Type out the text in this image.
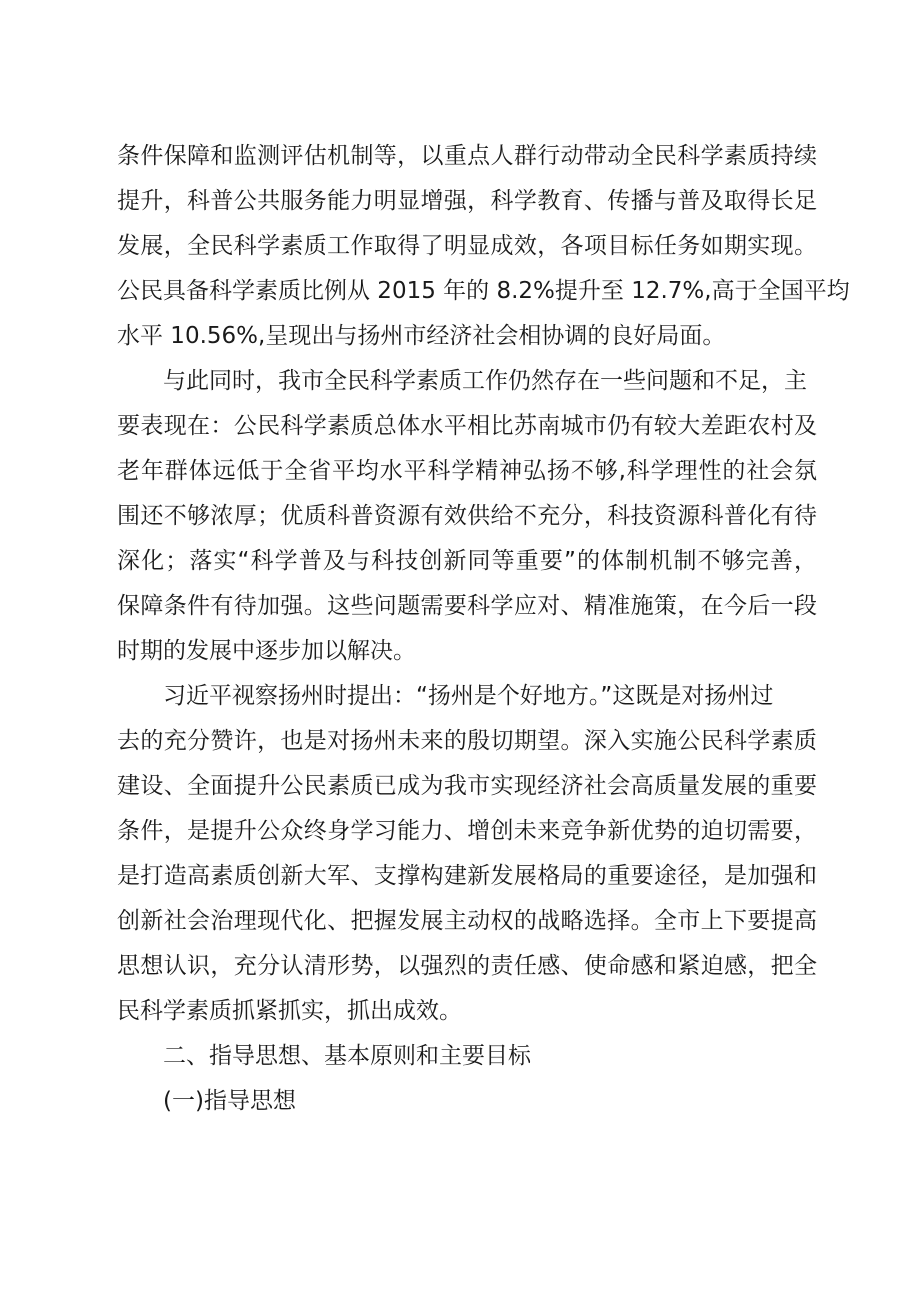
条件保障和监测评估机制等，以重点人群行动带动全民科学素质持续
提升，科普公共服务能力明显增强，科学教育、传播与普及取得长足
发展，全民科学素质工作取得了明显成效，各项目标任务如期实现。
公民具备科学素质比例从 2015 年的 8.2%提升至 12.7%,高于全国平均
水平 10.56%,呈现出与扬州市经济社会相协调的良好局面。
与此同时，我市全民科学素质工作仍然存在一些问题和不足，主
要表现在：公民科学素质总体水平相比苏南城市仍有较大差距农村及
老年群体远低于全省平均水平科学精神弘扬不够,科学理性的社会氛
围还不够浓厚；优质科普资源有效供给不充分，科技资源科普化有待
深化；落实“科学普及与科技创新同等重要”的体制机制不够完善，
保障条件有待加强。这些问题需要科学应对、精准施策，在今后一段
时期的发展中逐步加以解决。
习近平视察扬州时提出：“扬州是个好地方。”这既是对扬州过
去的充分赞许，也是对扬州未来的殷切期望。深入实施公民科学素质
建设、全面提升公民素质已成为我市实现经济社会高质量发展的重要
条件，是提升公众终身学习能力、增创未来竞争新优势的迫切需要，
是打造高素质创新大军、支撑构建新发展格局的重要途径，是加强和
创新社会治理现代化、把握发展主动权的战略选择。全市上下要提高
思想认识，充分认清形势，以强烈的责任感、使命感和紧迫感，把全
民科学素质抓紧抓实，抓出成效。
二、指导思想、基本原则和主要目标
(一)指导思想
